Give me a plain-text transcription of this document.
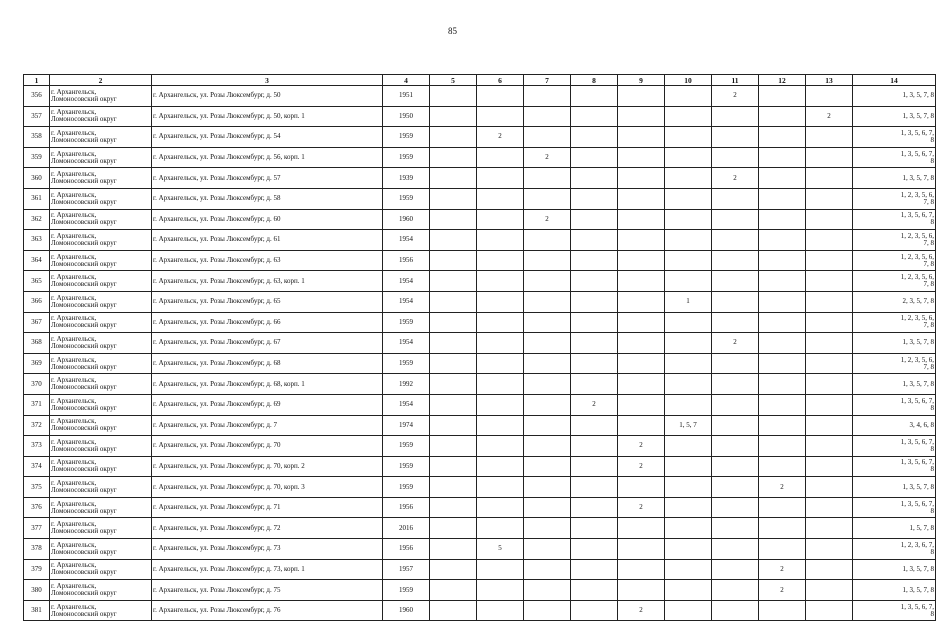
85
1	2	3	4	5	6	7	8	9	10	11	12	13	14
356	г. Архангельск,
Ломоносовский округ	г. Архангельск, ул. Розы Люксембург, д. 50	1951							2			1, 3, 5, 7, 8
357	г. Архангельск,
Ломоносовский округ	г. Архангельск, ул. Розы Люксембург, д. 50, корп. 1	1950									2	1, 3, 5, 7, 8
358	г. Архангельск,
Ломоносовский округ	г. Архангельск, ул. Розы Люксембург, д. 54	1959		2								1, 3, 5, 6, 7,
8
359	г. Архангельск,
Ломоносовский округ	г. Архангельск, ул. Розы Люксембург, д. 56, корп. 1	1959			2							1, 3, 5, 6, 7,
8
360	г. Архангельск,
Ломоносовский округ	г. Архангельск, ул. Розы Люксембург, д. 57	1939							2			1, 3, 5, 7, 8
361	г. Архангельск,
Ломоносовский округ	г. Архангельск, ул. Розы Люксембург, д. 58	1959										1, 2, 3, 5, 6,
7, 8
362	г. Архангельск,
Ломоносовский округ	г. Архангельск, ул. Розы Люксембург, д. 60	1960			2							1, 3, 5, 6, 7,
8
363	г. Архангельск,
Ломоносовский округ	г. Архангельск, ул. Розы Люксембург, д. 61	1954										1, 2, 3, 5, 6,
7, 8
364	г. Архангельск,
Ломоносовский округ	г. Архангельск, ул. Розы Люксембург, д. 63	1956										1, 2, 3, 5, 6,
7, 8
365	г. Архангельск,
Ломоносовский округ	г. Архангельск, ул. Розы Люксембург, д. 63, корп. 1	1954										1, 2, 3, 5, 6,
7, 8
366	г. Архангельск,
Ломоносовский округ	г. Архангельск, ул. Розы Люксембург, д. 65	1954						1				2, 3, 5, 7, 8
367	г. Архангельск,
Ломоносовский округ	г. Архангельск, ул. Розы Люксембург, д. 66	1959										1, 2, 3, 5, 6,
7, 8
368	г. Архангельск,
Ломоносовский округ	г. Архангельск, ул. Розы Люксембург, д. 67	1954							2			1, 3, 5, 7, 8
369	г. Архангельск,
Ломоносовский округ	г. Архангельск, ул. Розы Люксембург, д. 68	1959										1, 2, 3, 5, 6,
7, 8
370	г. Архангельск,
Ломоносовский округ	г. Архангельск, ул. Розы Люксембург, д. 68, корп. 1	1992										1, 3, 5, 7, 8
371	г. Архангельск,
Ломоносовский округ	г. Архангельск, ул. Розы Люксембург, д. 69	1954				2						1, 3, 5, 6, 7,
8
372	г. Архангельск,
Ломоносовский округ	г. Архангельск, ул. Розы Люксембург, д. 7	1974						1, 5, 7				3, 4, 6, 8
373	г. Архангельск,
Ломоносовский округ	г. Архангельск, ул. Розы Люксембург, д. 70	1959					2					1, 3, 5, 6, 7,
8
374	г. Архангельск,
Ломоносовский округ	г. Архангельск, ул. Розы Люксембург, д. 70, корп. 2	1959					2					1, 3, 5, 6, 7,
8
375	г. Архангельск,
Ломоносовский округ	г. Архангельск, ул. Розы Люксембург, д. 70, корп. 3	1959								2		1, 3, 5, 7, 8
376	г. Архангельск,
Ломоносовский округ	г. Архангельск, ул. Розы Люксембург, д. 71	1956					2					1, 3, 5, 6, 7,
8
377	г. Архангельск,
Ломоносовский округ	г. Архангельск, ул. Розы Люксембург, д. 72	2016										1, 5, 7, 8
378	г. Архангельск,
Ломоносовский округ	г. Архангельск, ул. Розы Люксембург, д. 73	1956		5								1, 2, 3, 6, 7,
8
379	г. Архангельск,
Ломоносовский округ	г. Архангельск, ул. Розы Люксембург, д. 73, корп. 1	1957								2		1, 3, 5, 7, 8
380	г. Архангельск,
Ломоносовский округ	г. Архангельск, ул. Розы Люксембург, д. 75	1959								2		1, 3, 5, 7, 8
381	г. Архангельск,
Ломоносовский округ	г. Архангельск, ул. Розы Люксембург, д. 76	1960					2					1, 3, 5, 6, 7,
8
